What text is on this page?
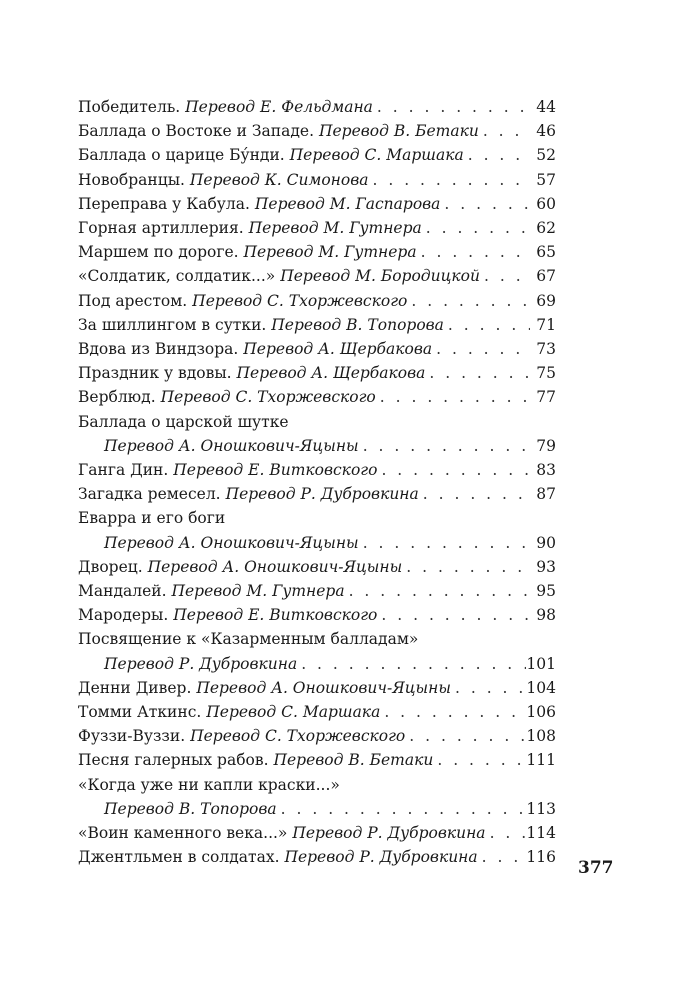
Победитель. Перевод Е. Фельдмана . . .	44
Баллада о Востоке и Западе. Перевод В. Бетаки . . .	46
Баллада о царице Бу́нди. Перевод С. Маршака . . .	52
Новобранцы. Перевод К. Симонова . . .	57
Переправа у Кабула. Перевод М. Гаспарова . . .	60
Горная артиллерия. Перевод М. Гутнера . . .	62
Маршем по дороге. Перевод М. Гутнера . . .	65
«Солдатик, солдатик...» Перевод М. Бородицкой . . .	67
Под арестом. Перевод С. Тхоржевского . . .	69
За шиллингом в сутки. Перевод В. Топорова . . .	71
Вдова из Виндзора. Перевод А. Щербакова . . .	73
Праздник у вдовы. Перевод А. Щербакова . . .	75
Верблюд. Перевод С. Тхоржевского . . .	77
Баллада о царской шутке
Перевод А. Оношкович-Яцыны . . .	79
Ганга Дин. Перевод Е. Витковского . . .	83
Загадка ремесел. Перевод Р. Дубровкина . . .	87
Еварра и его боги
Перевод А. Оношкович-Яцыны . . .	90
Дворец. Перевод А. Оношкович-Яцыны . . .	93
Мандалей. Перевод М. Гутнера . . .	95
Мародеры. Перевод Е. Витковского . . .	98
Посвящение к «Казарменным балладам»
Перевод Р. Дубровкина . . .	101
Денни Дивер. Перевод А. Оношкович-Яцыны . . .	104
Томми Аткинс. Перевод С. Маршака . . .	106
Фуззи-Вуззи. Перевод С. Тхоржевского . . .	108
Песня галерных рабов. Перевод В. Бетаки . . .	111
«Когда уже ни капли краски...»
Перевод В. Топорова . . .	113
«Воин каменного века...» Перевод Р. Дубровкина . . .	114
Джентльмен в солдатах. Перевод Р. Дубровкина . . .	116
377
